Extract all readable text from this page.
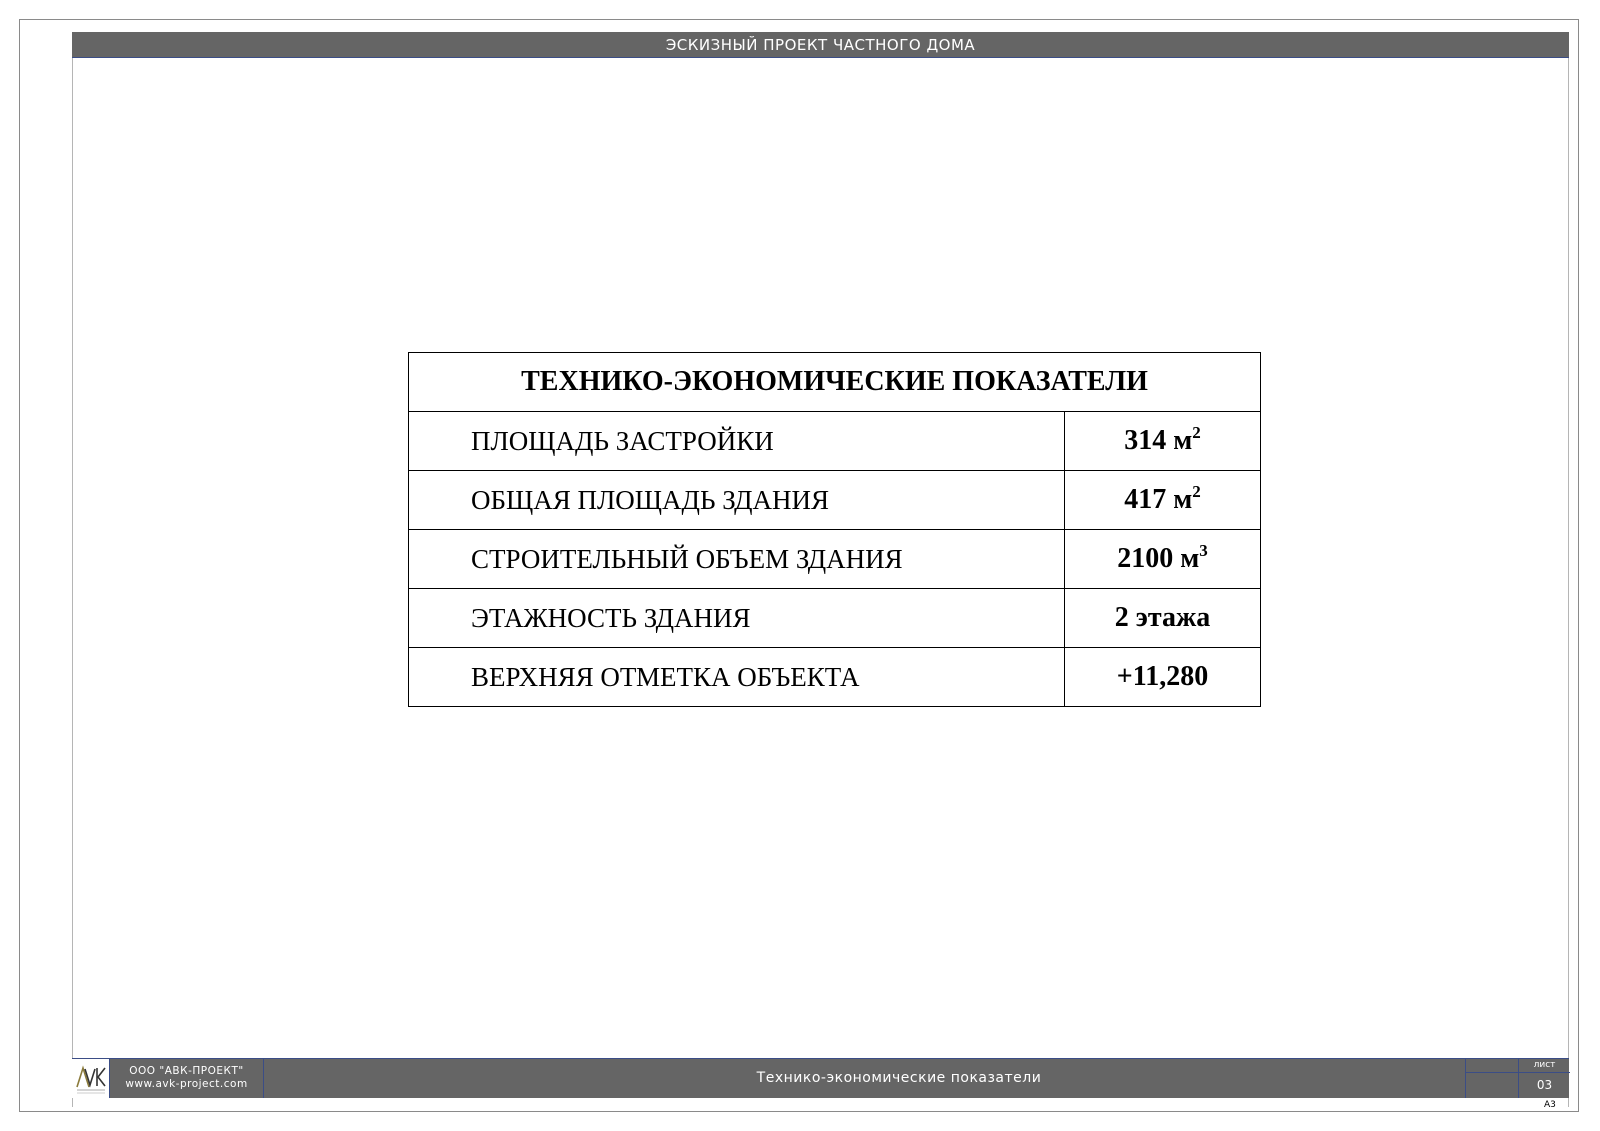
ЭСКИЗНЫЙ ПРОЕКТ ЧАСТНОГО ДОМА
ТЕХНИКО-ЭКОНОМИЧЕСКИЕ ПОКАЗАТЕЛИ	
ПЛОЩАДЬ ЗАСТРОЙКИ	314 $м^2$
ОБЩАЯ ПЛОЩАДЬ ЗДАНИЯ	417 $м^2$
СТРОИТЕЛЬНЫЙ ОБЪЕМ ЗДАНИЯ	2100 $м^3$
ЭТАЖНОСТЬ ЗДАНИЯ	2 этажа
ВЕРХНЯЯ ОТМЕТКА ОБЪЕКТА	+11,280
ООО "АВК-ПРОЕКТ"
www.avk-project.com	Технико-экономические показатели
лист
03
А3
